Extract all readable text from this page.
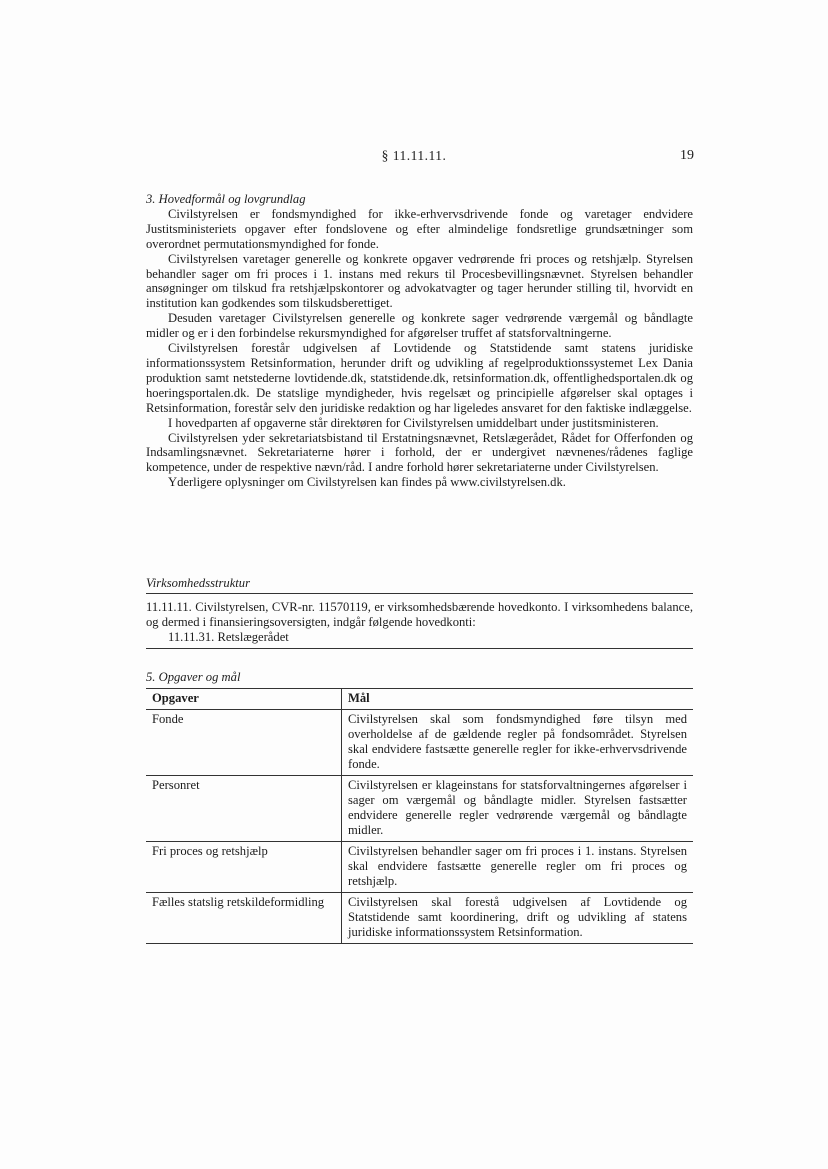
§ 11.11.11.	19
3. Hovedformål og lovgrundlag

Civilstyrelsen er fondsmyndighed for ikke-erhvervsdrivende fonde og varetager endvidere Justitsministeriets opgaver efter fondslovene og efter almindelige fondsretlige grundsætninger som overordnet permutationsmyndighed for fonde.

Civilstyrelsen varetager generelle og konkrete opgaver vedrørende fri proces og retshjælp. Styrelsen behandler sager om fri proces i 1. instans med rekurs til Procesbevillingsnævnet. Styrelsen behandler ansøgninger om tilskud fra retshjælpskontorer og advokatvagter og tager herunder stilling til, hvorvidt en institution kan godkendes som tilskudsberettiget.

Desuden varetager Civilstyrelsen generelle og konkrete sager vedrørende værgemål og båndlagte midler og er i den forbindelse rekursmyndighed for afgørelser truffet af statsforvaltningerne.

Civilstyrelsen forestår udgivelsen af Lovtidende og Statstidende samt statens juridiske informationssystem Retsinformation, herunder drift og udvikling af regelproduktionssystemet Lex Dania produktion samt netstederne lovtidende.dk, statstidende.dk, retsinformation.dk, offentlighedsportalen.dk og hoeringsportalen.dk. De statslige myndigheder, hvis regelsæt og principielle afgørelser skal optages i Retsinformation, forestår selv den juridiske redaktion og har ligeledes ansvaret for den faktiske indlæggelse.

I hovedparten af opgaverne står direktøren for Civilstyrelsen umiddelbart under justitsministeren.

Civilstyrelsen yder sekretariatsbistand til Erstatningsnævnet, Retslægerådet, Rådet for Offerfonden og Indsamlingsnævnet. Sekretariaterne hører i forhold, der er undergivet nævnenes/rådenes faglige kompetence, under de respektive nævn/råd. I andre forhold hører sekretariaterne under Civilstyrelsen.

Yderligere oplysninger om Civilstyrelsen kan findes på www.civilstyrelsen.dk.

Virksomhedsstruktur
11.11.11. Civilstyrelsen, CVR-nr. 11570119, er virksomhedsbærende hovedkonto. I virksomhedens balance, og dermed i finansieringsoversigten, indgår følgende hovedkonti:
11.11.31. Retslægerådet
5. Opgaver og mål
Opgaver	Mål
Fonde	Civilstyrelsen skal som fondsmyndighed føre tilsyn med overholdelse af de gældende regler på fondsområdet. Styrelsen skal endvidere fastsætte generelle regler for ikke-erhvervsdrivende fonde.
Personret	Civilstyrelsen er klageinstans for statsforvaltningernes afgørelser i sager om værgemål og båndlagte midler. Styrelsen fastsætter endvidere generelle regler vedrørende værgemål og båndlagte midler.
Fri proces og retshjælp	Civilstyrelsen behandler sager om fri proces i 1. instans. Styrelsen skal endvidere fastsætte generelle regler om fri proces og retshjælp.
Fælles statslig retskildeformidling	Civilstyrelsen skal forestå udgivelsen af Lovtidende og Statstidende samt koordinering, drift og udvikling af statens juridiske informationssystem Retsinformation.
